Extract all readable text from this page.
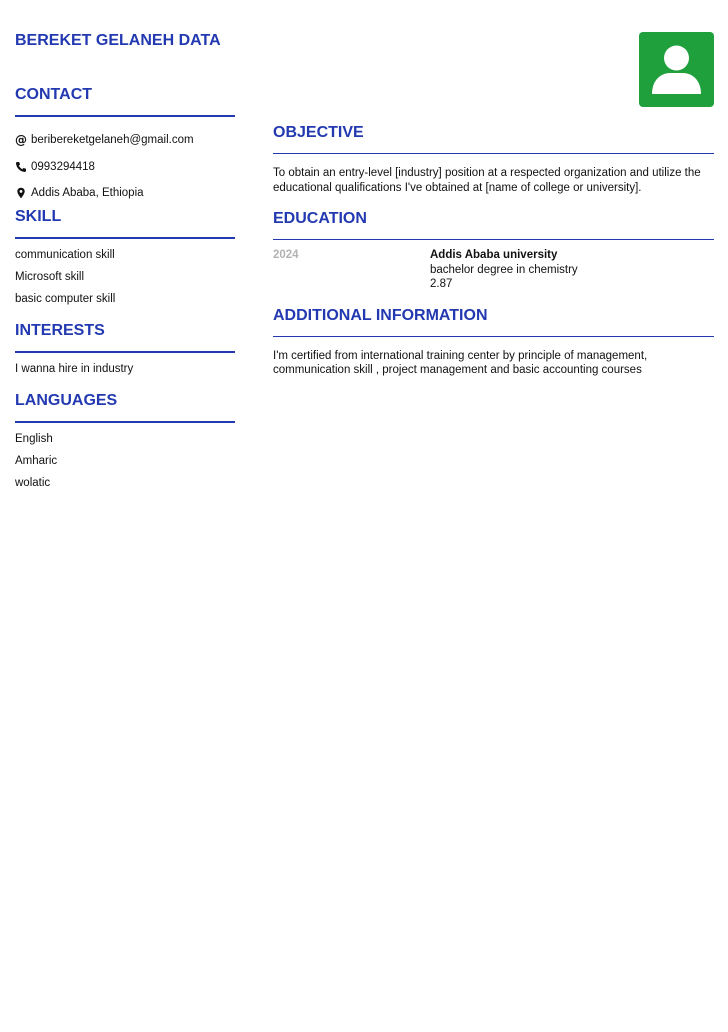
BEREKET GELANEH DATA
CONTACT
@ beribereketgelaneh@gmail.com
0993294418
Addis Ababa, Ethiopia
SKILL
communication skill
Microsoft skill
basic computer skill
INTERESTS
I wanna hire in industry
LANGUAGES
English
Amharic
wolatic
OBJECTIVE

To obtain an entry-level [industry] position at a respected organization and utilize the educational qualifications I've obtained at [name of college or university].

EDUCATION
2024	Addis Ababa university
bachelor degree in chemistry
2.87
ADDITIONAL INFORMATION

I'm certified from international training center by principle of management, communication skill , project management and basic accounting courses
